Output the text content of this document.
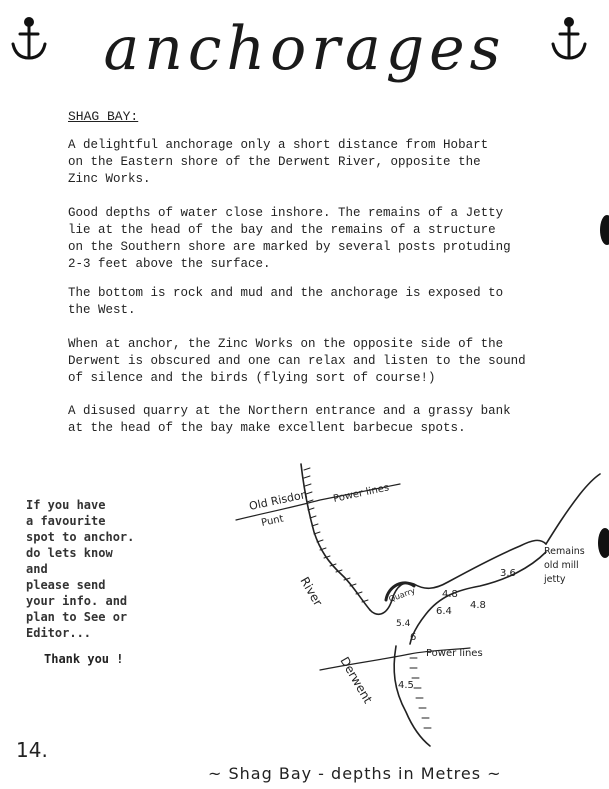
anchorages
SHAG BAY:

A delightful anchorage only a short distance from Hobart
on the Eastern shore of the Derwent River, opposite the
Zinc Works.

Good depths of water close inshore. The remains of a Jetty
lie at the head of the bay and the remains of a structure
on the Southern shore are marked by several posts protuding
2-3 feet above the surface.

The bottom is rock and mud and the anchorage is exposed to
the West.

When at anchor, the Zinc Works on the opposite side of the
Derwent is obscured and one can relax and listen to the sound
of silence and the birds (flying sort of course!)

A disused quarry at the Northern entrance and a grassy bank
at the head of the bay make excellent barbecue spots.

If you have
a favourite
spot to anchor.
do lets know
and
please send
your info. and
plan to See or
Editor...
Thank you !
Old Risdon
Punt
Power lines
River
Derwent
Quarry
Remains
old mill
jetty
Power lines
4.8
3.6
6.4
4.8
5.4
6
4.5
14.
~ Shag Bay - depths in Metres ~
